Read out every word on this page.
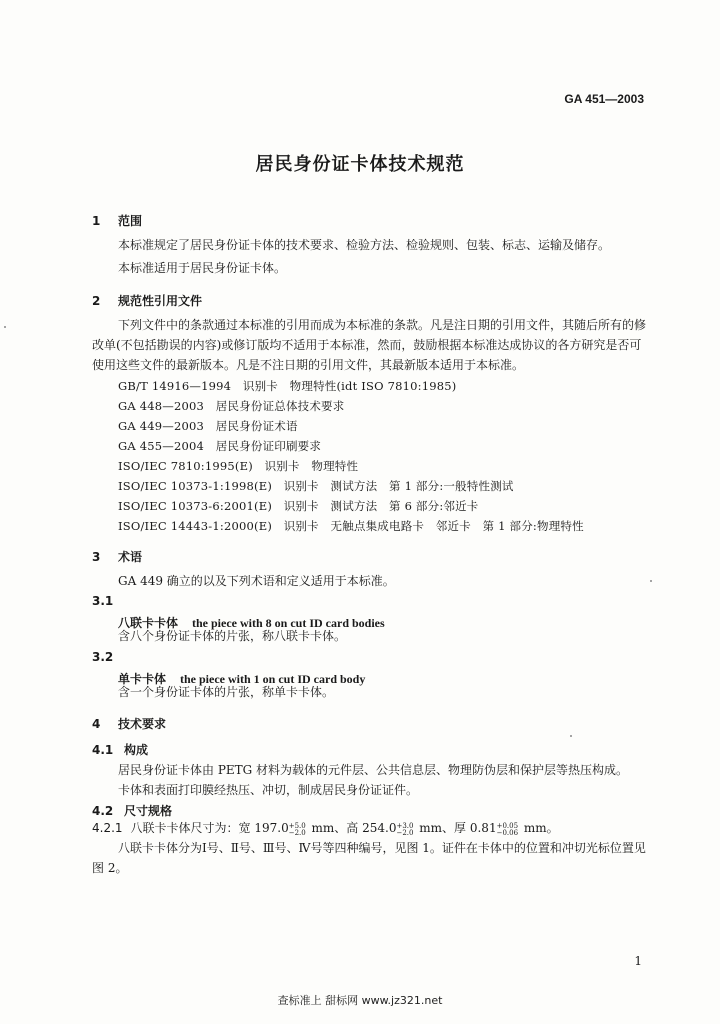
GA 451—2003
居民身份证卡体技术规范
1 范围
本标准规定了居民身份证卡体的技术要求、检验方法、检验规则、包装、标志、运输及储存。
本标准适用于居民身份证卡体。
2 规范性引用文件
下列文件中的条款通过本标准的引用而成为本标准的条款。凡是注日期的引用文件，其随后所有的修改单(不包括勘误的内容)或修订版均不适用于本标准，然而，鼓励根据本标准达成协议的各方研究是否可使用这些文件的最新版本。凡是不注日期的引用文件，其最新版本适用于本标准。
GB/T 14916—1994　识别卡　物理特性(idt ISO 7810:1985)
GA 448—2003　居民身份证总体技术要求
GA 449—2003　居民身份证术语
GA 455—2004　居民身份证印刷要求
ISO/IEC 7810:1995(E)　识别卡　物理特性
ISO/IEC 10373-1:1998(E)　识别卡　测试方法　第 1 部分:一般特性测试
ISO/IEC 10373-6:2001(E)　识别卡　测试方法　第 6 部分:邻近卡
ISO/IEC 14443-1:2000(E)　识别卡　无触点集成电路卡　邻近卡　第 1 部分:物理特性
3 术语
GA 449 确立的以及下列术语和定义适用于本标准。
3.1
八联卡卡体 the piece with 8 on cut ID card bodies
含八个身份证卡体的片张，称八联卡卡体。
3.2
单卡卡体 the piece with 1 on cut ID card body
含一个身份证卡体的片张，称单卡卡体。
4 技术要求
4.1 构成
居民身份证卡体由 PETG 材料为载体的元件层、公共信息层、物理防伪层和保护层等热压构成。
卡体和表面打印膜经热压、冲切，制成居民身份证证件。
4.2 尺寸规格
4.2.1 八联卡卡体尺寸为：宽 197.0 +5.0
−2.0 mm、高 254.0 +3.0
−2.0 mm、厚 0.81 +0.05
−0.06 mm。
八联卡卡体分为Ⅰ号、Ⅱ号、Ⅲ号、Ⅳ号等四种编号，见图 1。证件在卡体中的位置和冲切光标位置见图 2。
1
查标准上 甜标网 www.jz321.net
